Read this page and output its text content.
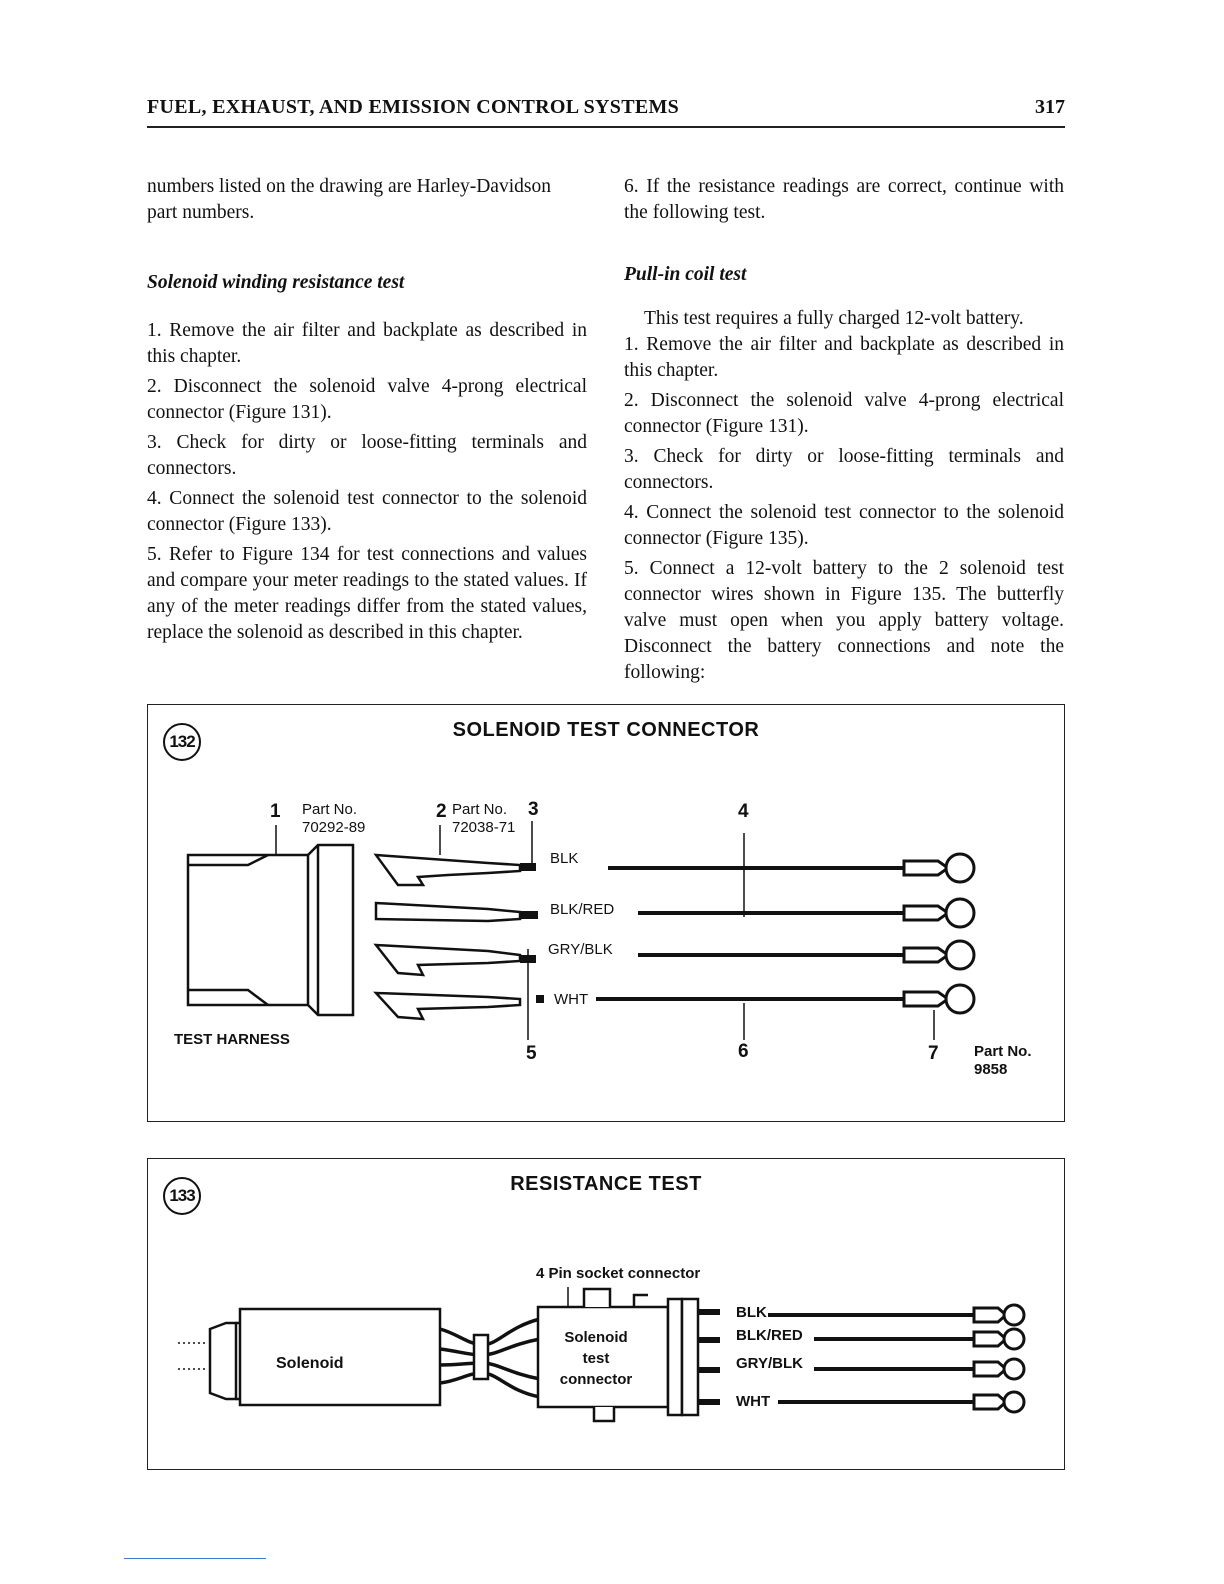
FUEL, EXHAUST, AND EMISSION CONTROL SYSTEMS	317

numbers listed on the drawing are Harley-Davidson

part numbers.

Solenoid winding resistance test

1. Remove the air filter and backplate as described in this chapter.

2. Disconnect the solenoid valve 4-prong electrical connector (Figure 131).

3. Check for dirty or loose-fitting terminals and connectors.

4. Connect the solenoid test connector to the solenoid connector (Figure 133).

5. Refer to Figure 134 for test connections and values and compare your meter readings to the stated values. If any of the meter readings differ from the stated values, replace the solenoid as described in this chapter.

6. If the resistance readings are correct, continue with the following test.

Pull-in coil test

This test requires a fully charged 12-volt battery.

1. Remove the air filter and backplate as described in this chapter.

2. Disconnect the solenoid valve 4-prong electrical connector (Figure 131).

3. Check for dirty or loose-fitting terminals and connectors.

4. Connect the solenoid test connector to the solenoid connector (Figure 135).

5. Connect a 12-volt battery to the 2 solenoid test connector wires shown in Figure 135. The butterfly valve must open when you apply battery voltage. Disconnect the battery connections and note the following:

132
SOLENOID TEST CONNECTOR
1	2	3	4
5	6	7
Part No.
70292-89
Part No.
72038-71
Part No.
9858
BLK
BLK/RED
GRY/BLK
WHT
TEST HARNESS
133
RESISTANCE TEST
4 Pin socket connector
Solenoid
Solenoid
test
connector
BLK
BLK/RED
GRY/BLK
WHT
